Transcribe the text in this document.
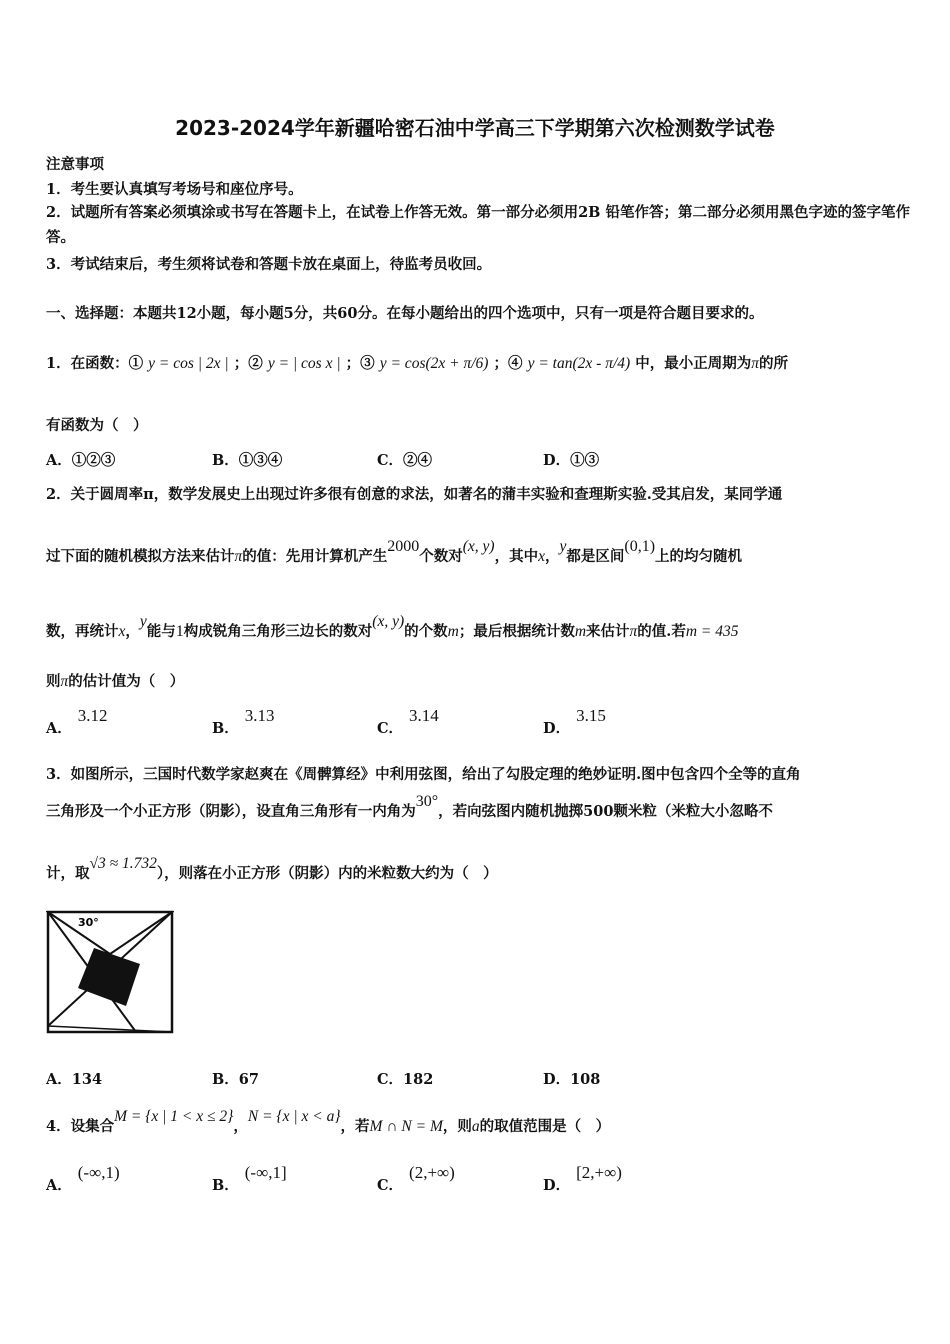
2023-2024学年新疆哈密石油中学高三下学期第六次检测数学试卷
注意事项
1．考生要认真填写考场号和座位序号。
2．试题所有答案必须填涂或书写在答题卡上，在试卷上作答无效。第一部分必须用2B 铅笔作答；第二部分必须用黑色字迹的签字笔作答。
3．考试结束后，考生须将试卷和答题卡放在桌面上，待监考员收回。
一、选择题：本题共12小题，每小题5分，共60分。在每小题给出的四个选项中，只有一项是符合题目要求的。
1．在函数：① y = cos | 2x | ；② y = | cos x | ；③ y = cos(2x + π/6) ；④ y = tan(2x - π/4) 中，最小正周期为π的所
有函数为（　）
A．①②③	B．①③④	C．②④	D．①③
2．关于圆周率π，数学发展史上出现过许多很有创意的求法，如著名的蒲丰实验和查理斯实验.受其启发，某同学通
过下面的随机模拟方法来估计π的值：先用计算机产生2000个数对(x, y)，其中x，y都是区间(0,1)上的均匀随机
数，再统计x，y能与1构成锐角三角形三边长的数对(x, y)的个数m；最后根据统计数m来估计π的值.若m = 435
则π的估计值为（　）
A．3.12
B．3.13
C．3.14
D．3.15
3．如图所示，三国时代数学家赵爽在《周髀算经》中利用弦图，给出了勾股定理的绝妙证明.图中包含四个全等的直角
三角形及一个小正方形（阴影），设直角三角形有一内角为30°，若向弦图内随机抛掷500颗米粒（米粒大小忽略不
计，取√3 ≈ 1.732），则落在小正方形（阴影）内的米粒数大约为（　）
30°
A．134	B．67	C．182	D．108
4．设集合M = {x | 1 < x ≤ 2}，N = {x | x < a}，若M ∩ N = M，则a的取值范围是（　）
A．(-∞,1)
B．(-∞,1]
C．(2,+∞)
D．[2,+∞)
